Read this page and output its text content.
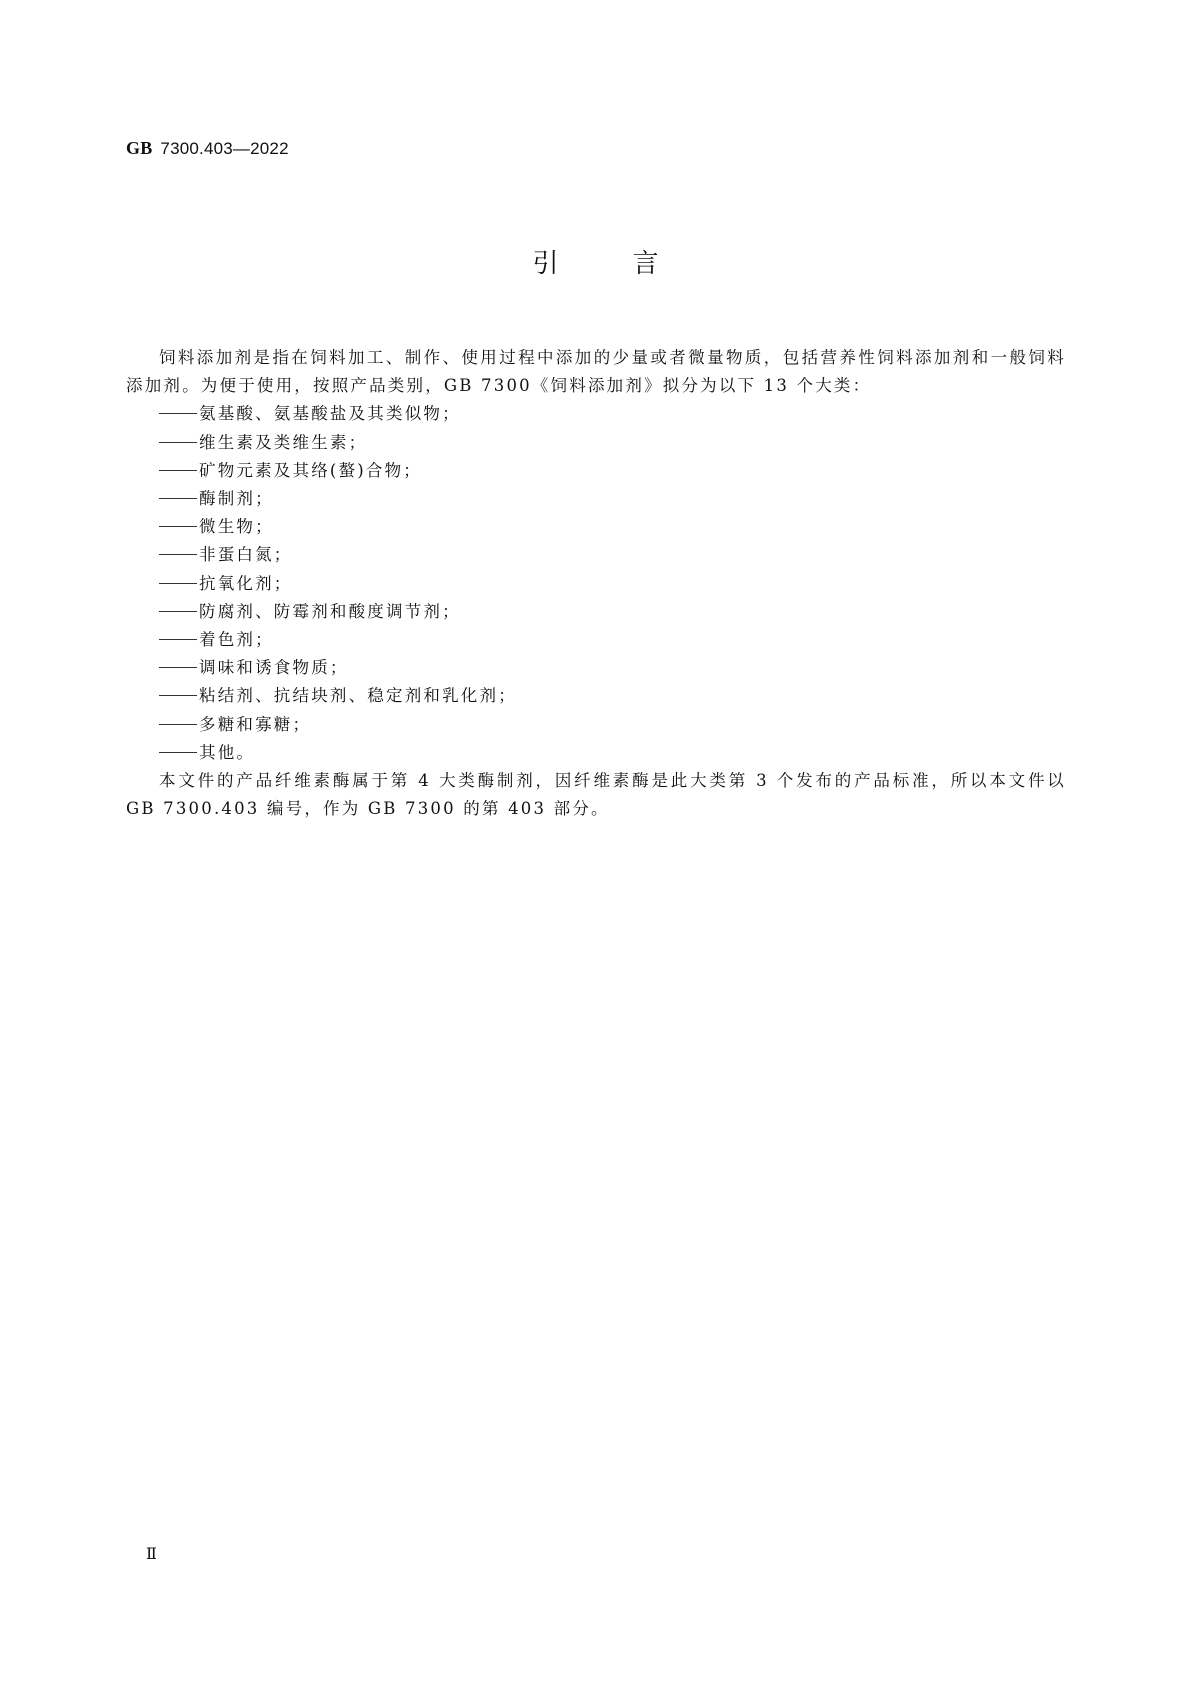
GB 7300.403—2022
引	言

饲料添加剂是指在饲料加工、制作、使用过程中添加的少量或者微量物质，包括营养性饲料添加剂和一般饲料添加剂。为便于使用，按照产品类别，GB 7300《饲料添加剂》拟分为以下 13 个大类：

氨基酸、氨基酸盐及其类似物；
维生素及类维生素；
矿物元素及其络(螯)合物；
酶制剂；
微生物；
非蛋白氮；
抗氧化剂；
防腐剂、防霉剂和酸度调节剂；
着色剂；
调味和诱食物质；
粘结剂、抗结块剂、稳定剂和乳化剂；
多糖和寡糖；
其他。

本文件的产品纤维素酶属于第 4 大类酶制剂，因纤维素酶是此大类第 3 个发布的产品标准，所以本文件以 GB 7300.403 编号，作为 GB 7300 的第 403 部分。

Ⅱ
